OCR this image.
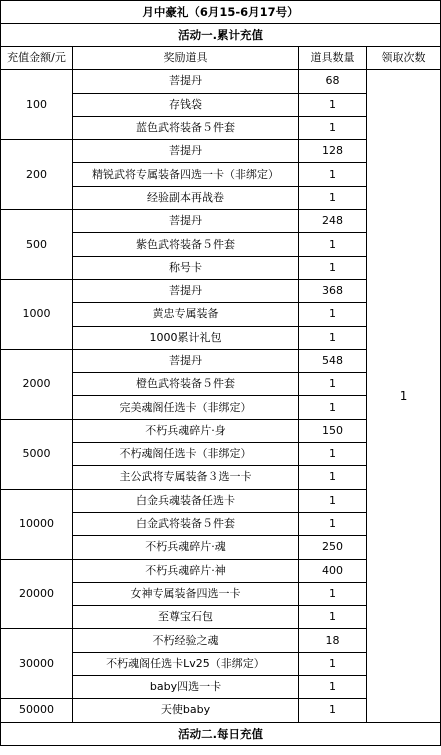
月中豪礼（6月15-6月17号）			
活动一.累计充值			
充值金额/元	奖励道具	道具数量	领取次数
100	菩提丹	68	1
	存钱袋	1	
	蓝色武将装备５件套	1	
200	菩提丹	128	
	精锐武将专属装备四选一卡（非绑定）	1	
	经验副本再战卷	1	
500	菩提丹	248	
	紫色武将装备５件套	1	
	称号卡	1	
1000	菩提丹	368	
	黄忠专属装备	1	
	1000累计礼包	1	
2000	菩提丹	548	
	橙色武将装备５件套	1	
	完美魂阁任选卡（非绑定）	1	
5000	不朽兵魂碎片·身	150	
	不朽魂阁任选卡（非绑定）	1	
	主公武将专属装备３选一卡	1	
10000	白金兵魂装备任选卡	1	
	白金武将装备５件套	1	
	不朽兵魂碎片·魂	250	
20000	不朽兵魂碎片·神	400	
	女神专属装备四选一卡	1	
	至尊宝石包	1	
30000	不朽经验之魂	18	
	不朽魂阁任选卡Lv25（非绑定）	1	
	baby四选一卡	1	
50000	天使baby	1	
活动二.每日充值			
